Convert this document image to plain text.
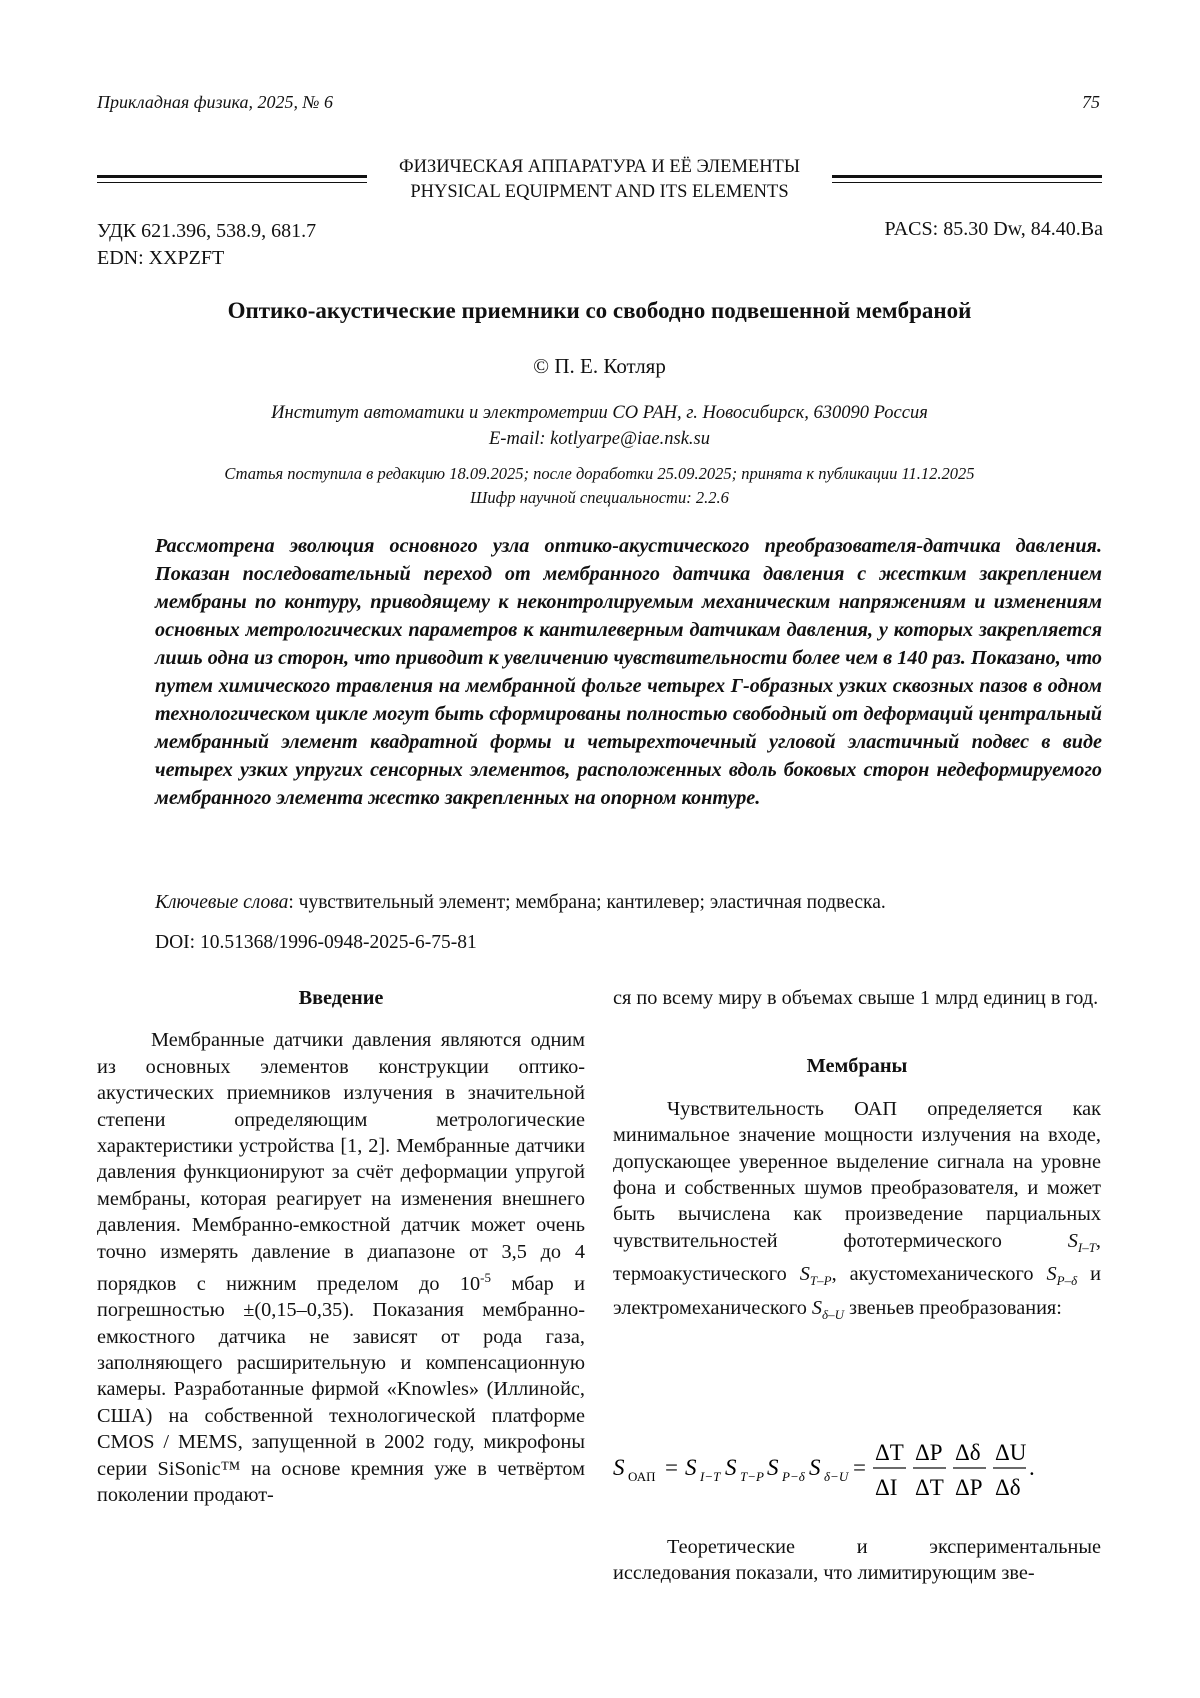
Прикладная физика, 2025, № 6	75
ФИЗИЧЕСКАЯ АППАРАТУРА И ЕЁ ЭЛЕМЕНТЫ
PHYSICAL EQUIPMENT AND ITS ELEMENTS
УДК 621.396, 538.9, 681.7
EDN: XXPZFT
PACS: 85.30 Dw, 84.40.Ba
Оптико-акустические приемники со свободно подвешенной мембраной
© П. Е. Котляр
Институт автоматики и электрометрии СО РАН, г. Новосибирск, 630090 Россия
E-mail: kotlyarpe@iae.nsk.su
Статья поступила в редакцию 18.09.2025; после доработки 25.09.2025; принята к публикации 11.12.2025
Шифр научной специальности: 2.2.6
Рассмотрена эволюция основного узла оптико-акустического преобразователя-датчика давления. Показан последовательный переход от мембранного датчика давления с жестким закреплением мембраны по контуру, приводящему к неконтролируемым механическим напряжениям и изменениям основных метрологических параметров к кантилеверным датчикам давления, у которых закрепляется лишь одна из сторон, что приводит к увеличению чувствительности более чем в 140 раз. Показано, что путем химического травления на мембранной фольге четырех Г-образных узких сквозных пазов в одном технологическом цикле могут быть сформированы полностью свободный от деформаций центральный мембранный элемент квадратной формы и четырехточечный угловой эластичный подвес в виде четырех узких упругих сенсорных элементов, расположенных вдоль боковых сторон недеформируемого мембранного элемента жестко закрепленных на опорном контуре.
Ключевые слова: чувствительный элемент; мембрана; кантилевер; эластичная подвеска.
DOI: 10.51368/1996-0948-2025-6-75-81

Введение

Мембранные датчики давления являются одним из основных элементов конструкции оптико-акустических приемников излучения в значительной степени определяющим метрологические характеристики устройства [1, 2]. Мембранные датчики давления функционируют за счёт деформации упругой мембраны, которая реагирует на изменения внешнего давления. Мембранно-емкостной датчик может очень точно измерять давление в диапазоне от 3,5 до 4 порядков с нижним пределом до $10^{-5}$ мбар и погрешностью ±(0,15–0,35). Показания мембранно-емкостного датчика не зависят от рода газа, заполняющего расширительную и компенсационную камеры. Разработанные фирмой «Knowles» (Иллинойс, США) на собственной технологической платформе CMOS / MEMS, запущенной в 2002 году, микрофоны серии SiSonic™ на основе кремния уже в четвёртом поколении продают-

ся по всему миру в объемах свыше 1 млрд единиц в год.

Мембраны

Чувствительность ОАП определяется как минимальное значение мощности излучения на входе, допускающее уверенное выделение сигнала на уровне фона и собственных шумов преобразователя, и может быть вычислена как произведение парциальных чувствительностей фототермического $S_{I-T}$, термоакустического $S_{T-P}$, акустомеханического $S_{P-\delta}$ и электромеханического $S_{\delta-U}$ звеньев преобразования:

S ОАП = S I−T S T−P S P−δ S δ−U =
ΔT
ΔI
ΔP
ΔT
Δδ
ΔP
ΔU
Δδ
.

Теоретические и экспериментальные исследования показали, что лимитирующим зве-
